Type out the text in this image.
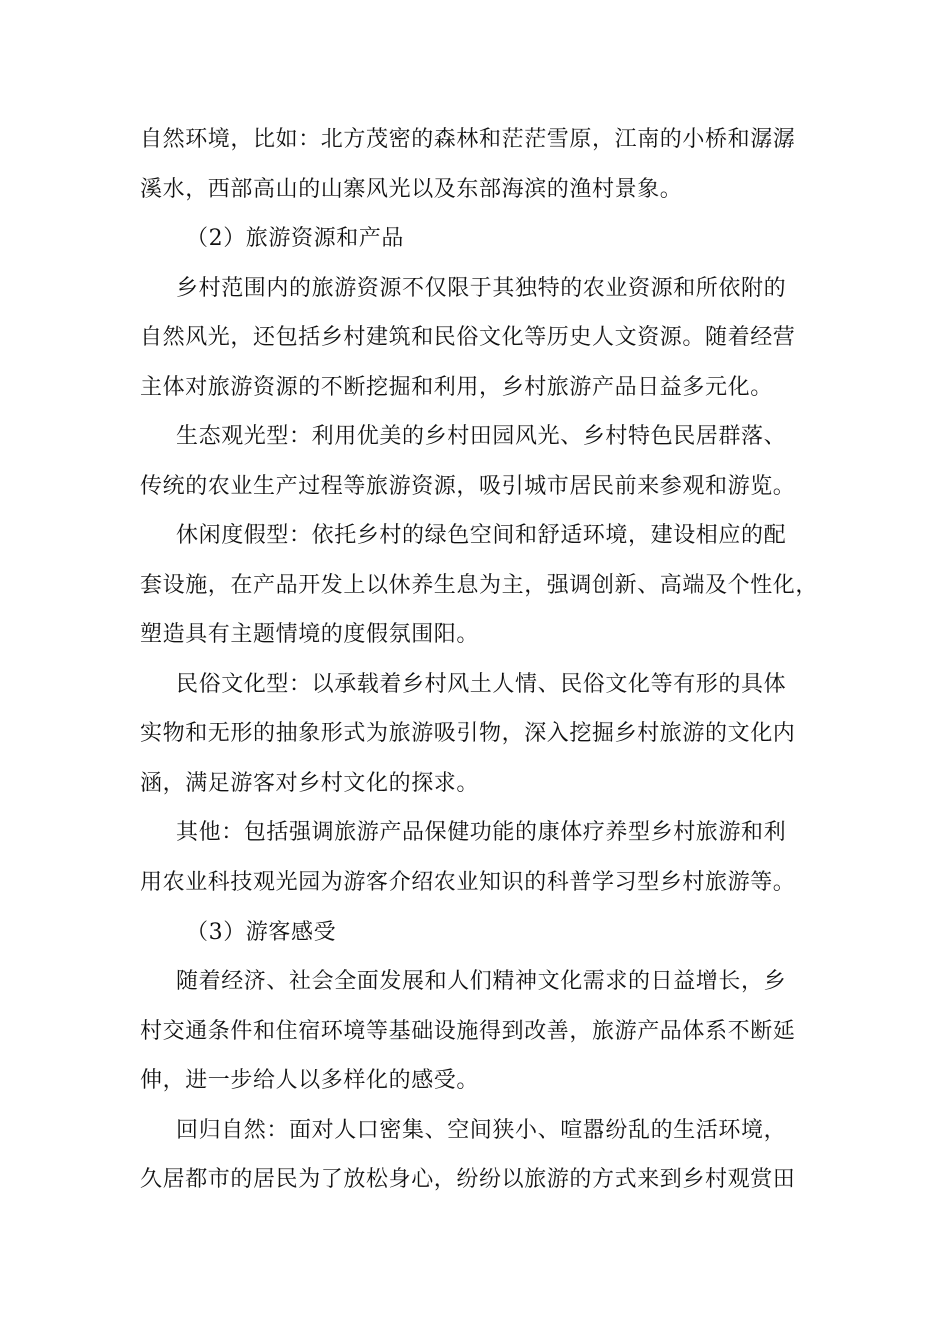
自然环境，比如：北方茂密的森林和茫茫雪原，江南的小桥和潺潺
溪水，西部高山的山寨风光以及东部海滨的渔村景象。
（2）旅游资源和产品
乡村范围内的旅游资源不仅限于其独特的农业资源和所依附的
自然风光，还包括乡村建筑和民俗文化等历史人文资源。随着经营
主体对旅游资源的不断挖掘和利用，乡村旅游产品日益多元化。
生态观光型：利用优美的乡村田园风光、乡村特色民居群落、
传统的农业生产过程等旅游资源，吸引城市居民前来参观和游览。
休闲度假型：依托乡村的绿色空间和舒适环境，建设相应的配
套设施，在产品开发上以休养生息为主，强调创新、高端及个性化，
塑造具有主题情境的度假氛围阳。
民俗文化型：以承载着乡村风土人情、民俗文化等有形的具体
实物和无形的抽象形式为旅游吸引物，深入挖掘乡村旅游的文化内
涵，满足游客对乡村文化的探求。
其他：包括强调旅游产品保健功能的康体疗养型乡村旅游和利
用农业科技观光园为游客介绍农业知识的科普学习型乡村旅游等。
（3）游客感受
随着经济、社会全面发展和人们精神文化需求的日益增长，乡
村交通条件和住宿环境等基础设施得到改善，旅游产品体系不断延
伸，进一步给人以多样化的感受。
回归自然：面对人口密集、空间狭小、喧嚣纷乱的生活环境，
久居都市的居民为了放松身心，纷纷以旅游的方式来到乡村观赏田
